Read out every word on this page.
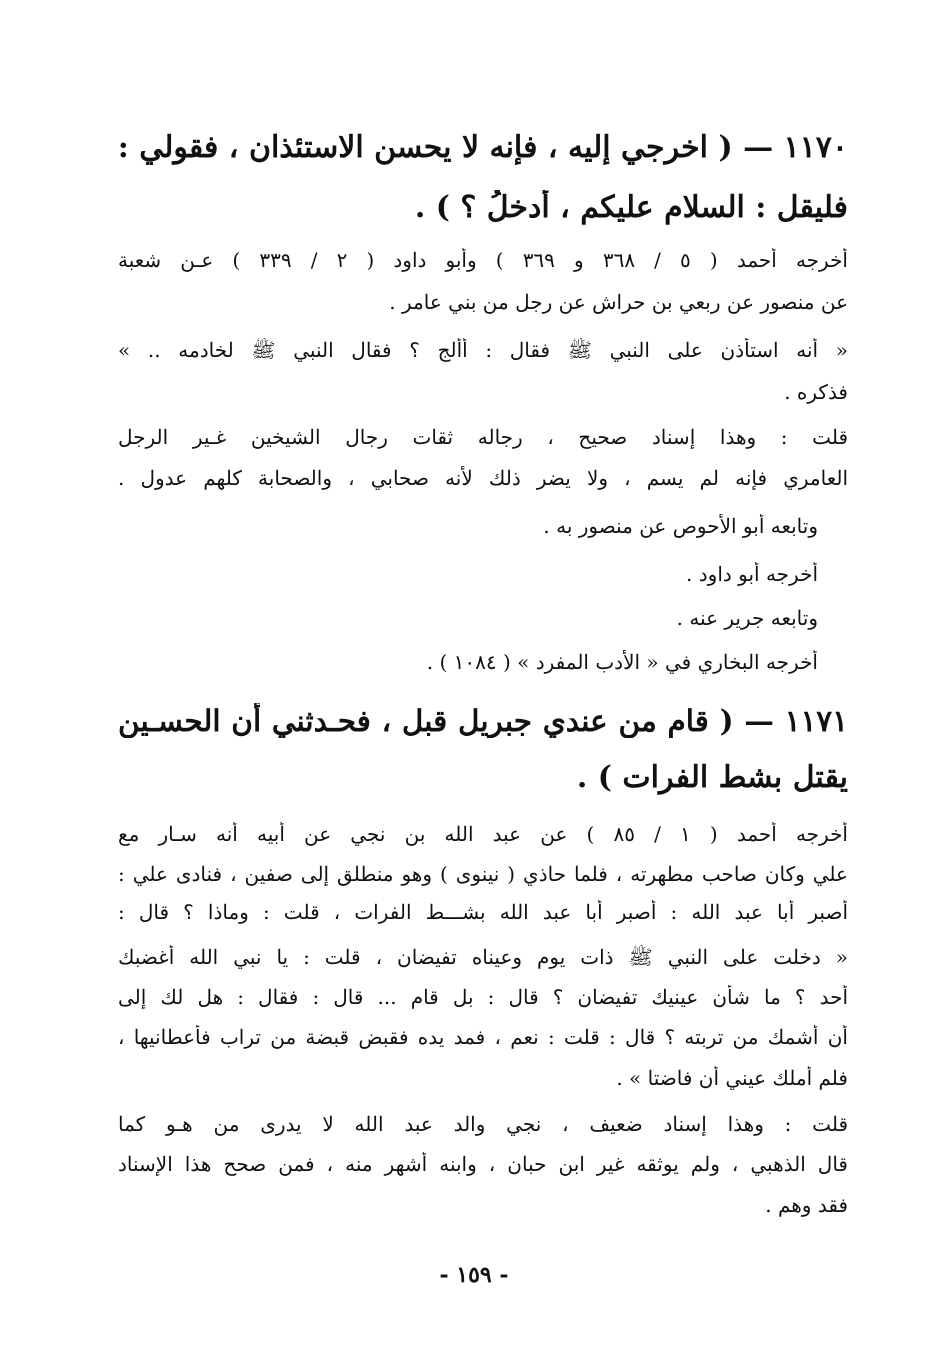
١١٧٠ — ( اخرجي إليه ، فإنه لا يحسن الاستئذان ، فقولي :
فليقل : السلام عليكم ، أَدخلُ ؟ ) .
أخرجه أحمد ( ٥ / ٣٦٨ و ٣٦٩ ) وأبو داود ( ٢ / ٣٣٩ ) عـن شعبة
عن منصور عن ربعي بن حراش عن رجل من بني عامر .
« أنه استأذن على النبي ﷺ فقال : أألج ؟ فقال النبي ﷺ لخادمه .. »
فذكره .
قلت : وهذا إسناد صحيح ، رجاله ثقات رجال الشيخين غـير الرجل
العامري فإنه لم يسم ، ولا يضر ذلك لأنه صحابي ، والصحابة كلهم عدول .
وتابعه أبو الأحوص عن منصور به .
أخرجه أبو داود .
وتابعه جرير عنه .
أخرجه البخاري في « الأدب المفرد » ( ١٠٨٤ ) .
١١٧١ — ( قام من عندي جبريل قبل ، فحـدثني أن الحسـين
يقتل بشط الفرات ) .
أخرجه أحمد ( ١ / ٨٥ ) عن عبد الله بن نجي عن أبيه أنه سـار مع
علي وكان صاحب مطهرته ، فلما حاذي ( نينوى ) وهو منطلق إلى صفين ، فنادى علي :
أصبر أبا عبد الله : أصبر أبا عبد الله بشـــط الفرات ، قلت : وماذا ؟ قال :
« دخلت على النبي ﷺ ذات يوم وعيناه تفيضان ، قلت : يا نبي الله أغضبك
أحد ؟ ما شأن عينيك تفيضان ؟ قال : بل قام ... قال : فقال : هل لك إلى
أن أشمك من تربته ؟ قال : قلت : نعم ، فمد يده فقبض قبضة من تراب فأعطانيها ،
فلم أملك عيني أن فاضتا » .
قلت : وهذا إسناد ضعيف ، نجي والد عبد الله لا يدرى من هـو كما
قال الذهبي ، ولم يوثقه غير ابن حبان ، وابنه أشهر منه ، فمن صحح هذا الإسناد
فقد وهم .
- ١٥٩ -
